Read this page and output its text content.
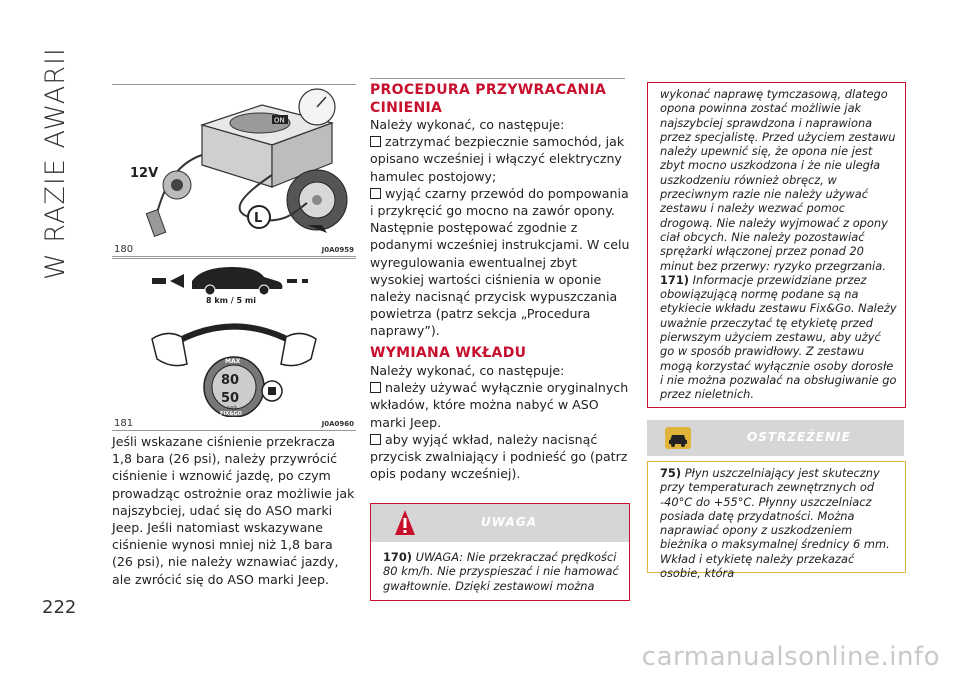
W RAZIE AWARII
222
ON
12V
L
180	J0A0959
8 km / 5 mi
MAX
80
50
km/h
FIX&GO
181	J0A0960

Jeśli wskazane ciśnienie przekracza 1,8 bara (26 psi), należy przywrócić ciśnienie i wznowić jazdę, po czym prowadząc ostrożnie oraz możliwie jak najszybciej, udać się do ASO marki Jeep. Jeśli natomiast wskazywane ciśnienie wynosi mniej niż 1,8 bara (26 psi), nie należy wznawiać jazdy, ale zwrócić się do ASO marki Jeep.

PROCEDURA PRZYWRACANIA
CINIENIA

Należy wykonać, co następuje:

zatrzymać bezpiecznie samochód, jak opisano wcześniej i włączyć elektryczny hamulec postojowy;

wyjąć czarny przewód do pompowania i przykręcić go mocno na zawór opony. Następnie postępować zgodnie z podanymi wcześniej instrukcjami. W celu wyregulowania ewentualnej zbyt wysokiej wartości ciśnienia w oponie należy nacisnąć przycisk wypuszczania powietrza (patrz sekcja „Procedura naprawy”).

WYMIANA WKŁADU

Należy wykonać, co następuje:

należy używać wyłącznie oryginalnych wkładów, które można nabyć w ASO marki Jeep.

aby wyjąć wkład, należy nacisnąć przycisk zwalniający i podnieść go (patrz opis podany wcześniej).

UWAGA
170) UWAGA: Nie przekraczać prędkości 80 km/h. Nie przyspieszać i nie hamować gwałtownie. Dzięki zestawowi można
wykonać naprawę tymczasową, dlatego opona powinna zostać możliwie jak najszybciej sprawdzona i naprawiona przez specjalistę. Przed użyciem zestawu należy upewnić się, że opona nie jest zbyt mocno uszkodzona i że nie uległa uszkodzeniu również obręcz, w przeciwnym razie nie należy używać zestawu i należy wezwać pomoc drogową. Nie należy wyjmować z opony ciał obcych. Nie należy pozostawiać sprężarki włączonej przez ponad 20 minut bez przerwy: ryzyko przegrzania.
171) Informacje przewidziane przez obowiązującą normę podane są na etykiecie wkładu zestawu Fix&Go. Należy uważnie przeczytać tę etykietę przed pierwszym użyciem zestawu, aby użyć go w sposób prawidłowy. Z zestawu mogą korzystać wyłącznie osoby dorosłe i nie można pozwalać na obsługiwanie go przez nieletnich.
OSTRZEŻENIE
75) Płyn uszczelniający jest skuteczny przy temperaturach zewnętrznych od -40°C do +55°C. Płynny uszczelniacz posiada datę przydatności. Można naprawiać opony z uszkodzeniem bieżnika o maksymalnej średnicy 6 mm. Wkład i etykietę należy przekazać osobie, która
carmanualsonline.info
